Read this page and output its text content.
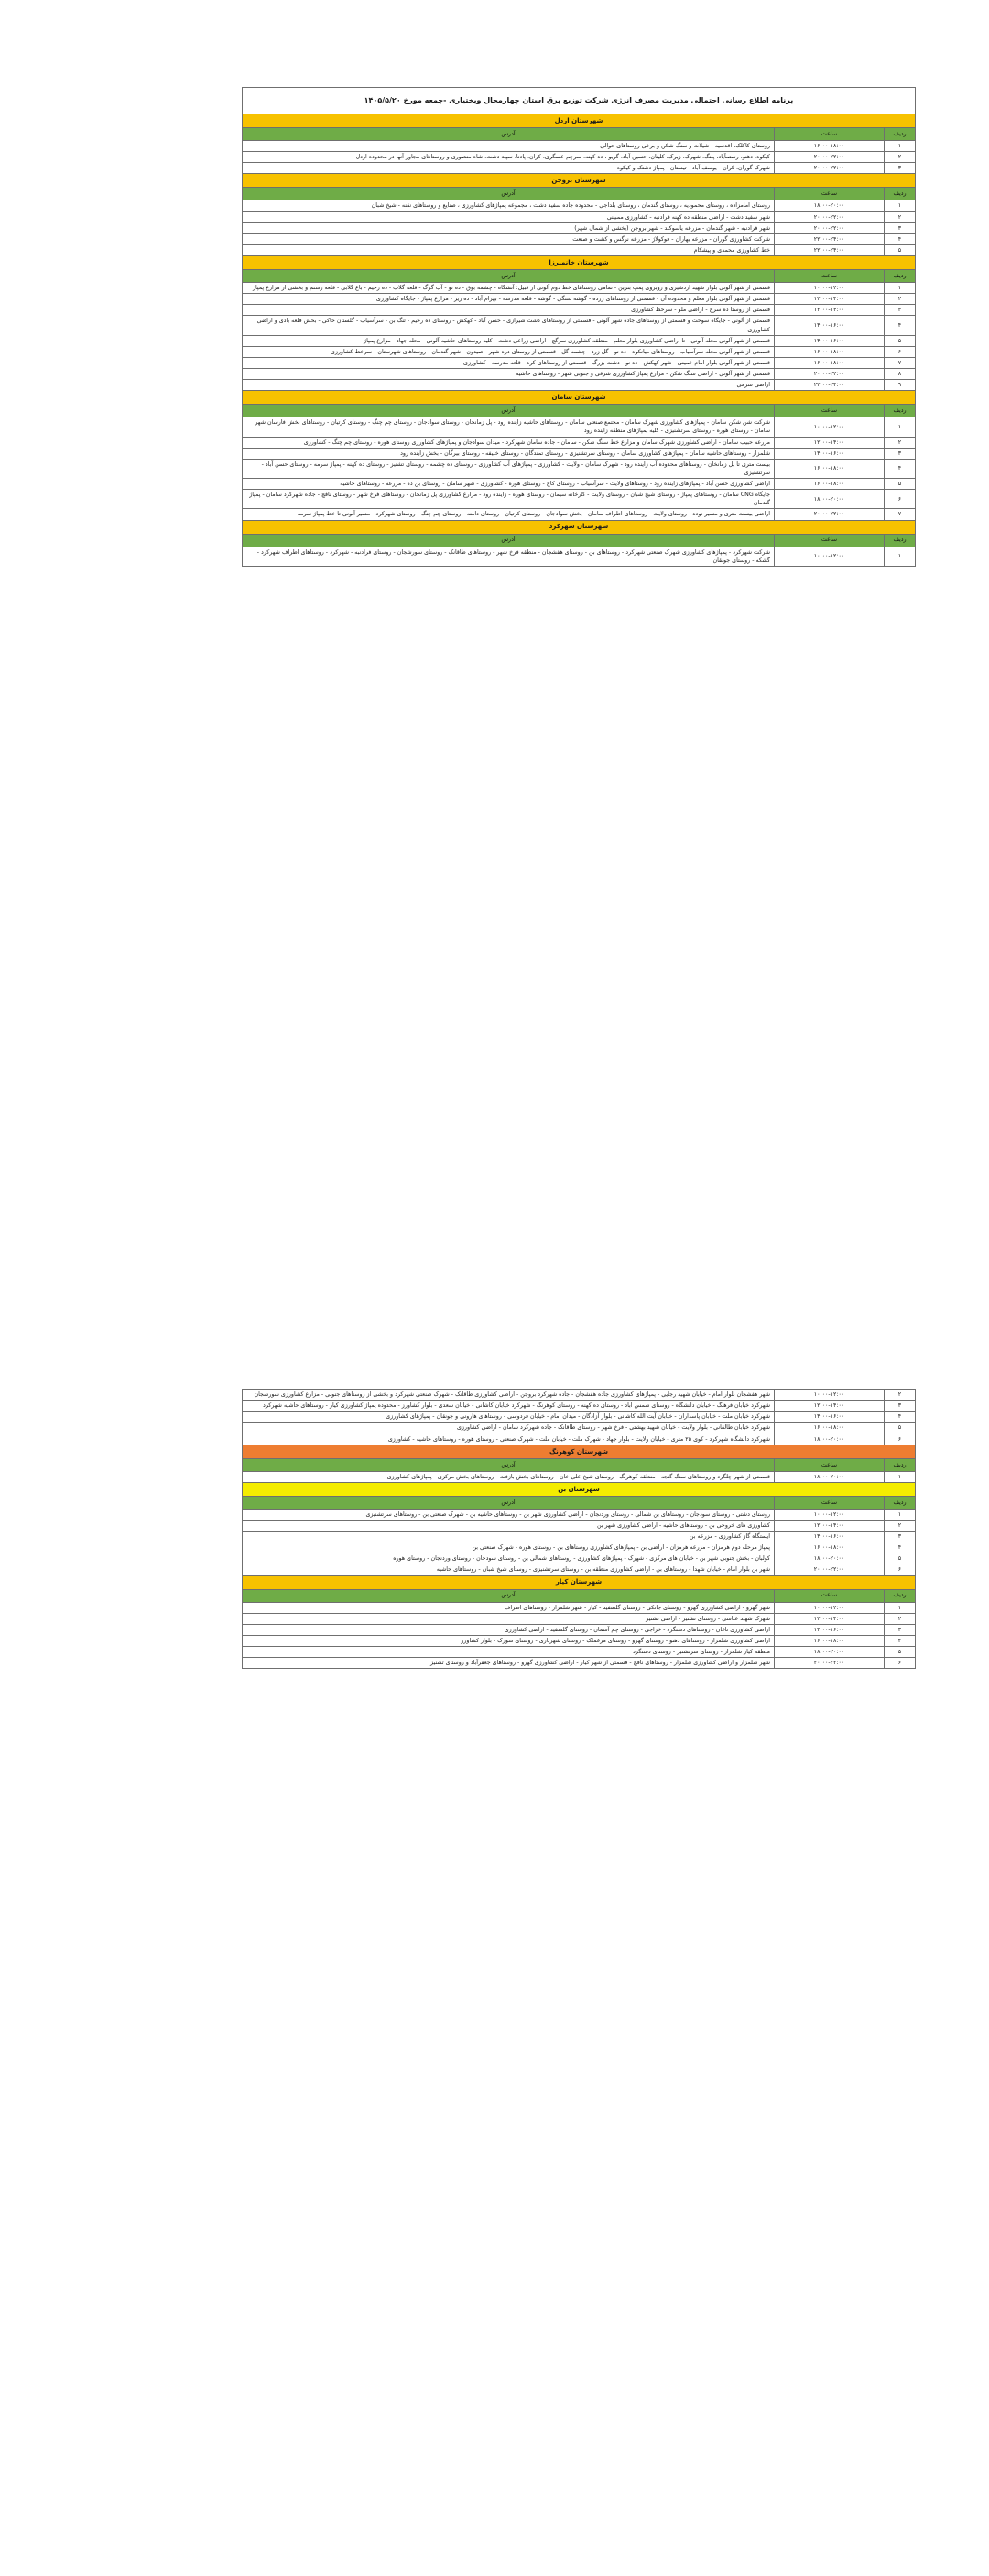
برنامه اطلاع رسانی احتمالی مدیریت مصرف انرژی شرکت توزیع برق استان چهارمحال وبختیاری -جمعه مورخ ۱۴۰۵/۵/۲۰		
شهرستان اردل		
ردیف	ساعت	آدرس
۱	۱۶:۰۰-۱۸:۰۰	روستای کاکلک، اقدسیه - شیلات و سنگ شکن و برخی روستاهای حوالی
۲	۲۰:۰۰-۲۲:۰۰	کیکوه، دهنو، رستمآباد، پلنگ، شهرک، زیرک، کلیتان، حسین آباد، گریو ، ده کهنه، سرچم عسگری، کران، پادنا، سپید دشت، شاه منصوری و روستاهای مجاور آنها در محدوده اردل
۳	۲۰:۰۰-۲۲:۰۰	شهرک گوران، کران - یوسف آباد - تیستان - پمپاژ دشتک و کیکوه
شهرستان بروجن		
ردیف	ساعت	آدرس
۱	۱۸:۰۰-۲۰:۰۰	روستای امامزاده ، روستای محمودیه ، روستای گندمان ، روستای بلداجی - محدوده جاده سفید دشت ، مجموعه پمپاژهای کشاورزی ، صنایع و روستاهای نقنه - شیخ شبان
۲	۲۰:۰۰-۲۲:۰۰	شهر سفید دشت - اراضی منطقه ده کهنه فرادنبه - کشاورزی ممبینی
۳	۲۰:۰۰-۲۲:۰۰	شهر فرادنبه - شهر گندمان - مزرعه یاسوکند - شهر بروجن (بخشی از شمال شهر)
۴	۲۲:۰۰-۲۴:۰۰	شرکت کشاورزی گوران - مزرعه بهاران - فوکولاژ - مزرعه نرگس و کشت و صنعت
۵	۲۲:۰۰-۲۴:۰۰	خط کشاورزی محمدی و پیشکام
شهرستان خانمیرزا		
ردیف	ساعت	آدرس
۱	۱۰:۰۰-۱۲:۰۰	قسمتی از شهر آلونی بلوار شهید اردشیری و روبروی پمپ بنزین - تمامی روستاهای خط دوم آلونی از قبیل: آتشگاه - چشمه بوق - ده نو - آب گرگ - قلعه گلاب - ده رحیم - باغ گلابی - قلعه رستم و بخشی از مزارع پمپاژ
۲	۱۲:۰۰-۱۴:۰۰	قسمتی از شهر آلونی بلوار معلم و محدوده آن - قسمتی از روستاهای زرده - گوشه سنگی - گوشه - قلعه مدرسه - بهرام آباد - ده زیر - مزارع پمپاژ - جایگاه کشاورزی
۳	۱۲:۰۰-۱۴:۰۰	قسمتی از روستا ده سرخ - اراضی ملو - سرخط کشاورزی
۴	۱۴:۰۰-۱۶:۰۰	قسمتی از آلونی - جایگاه سوخت و قسمتی از روستاهای جاده شهر آلونی - قسمتی از روستاهای دشت شیرازی - حسن آباد - کهکش - روستای ده رحیم - تنگ بن - سرآسیاب - گلستان خاکی - بخش قلعه بادی و اراضی کشاورزی
۵	۱۴:۰۰-۱۶:۰۰	قسمتی از شهر آلونی محله آلونی - تا اراضی کشاورزی بلوار معلم - منطقه کشاورزی سرگچ - اراضی زراعی دشت - کلیه روستاهای حاشیه آلونی - محله جهاد - مزارع پمپاژ
۶	۱۶:۰۰-۱۸:۰۰	قسمتی از شهر آلونی محله سرآسیاب - روستاهای میانکوه - ده نو - گل زرد - چشمه گل - قسمتی از روستای دره شهر - صیدون - شهر گندمان - روستاهای شهرستان - سرخط کشاورزی
۷	۱۶:۰۰-۱۸:۰۰	قسمتی از شهر آلونی بلوار امام خمینی - شهر کهکش - ده نو - دشت بزرگ - قسمتی از روستاهای کره - قلعه مدرسه - کشاورزی
۸	۲۰:۰۰-۲۲:۰۰	قسمتی از شهر آلونی - اراضی سنگ شکن - مزارع پمپاژ کشاورزی شرقی و جنوبی شهر - روستاهای حاشیه
۹	۲۲:۰۰-۲۴:۰۰	اراضی سرمی
شهرستان سامان		
ردیف	ساعت	آدرس
۱	۱۰:۰۰-۱۲:۰۰	شرکت شن شکن سامان - پمپاژهای کشاورزی شهرک سامان - مجتمع صنعتی سامان - روستاهای حاشیه زاینده رود - پل زمانخان - روستای سوادجان - روستای چم چنگ - روستای کرتیان - روستاهای بخش فارسان شهر سامان - روستای هوره - روستای سرتشنیزی - کلیه پمپاژهای منطقه زاینده رود
۲	۱۲:۰۰-۱۴:۰۰	مزرعه حبیب سامان - اراضی کشاورزی شهرک سامان و مزارع خط سنگ شکن - سامان - جاده سامان شهرکرد - میدان سوادجان و پمپاژهای کشاورزی روستای هوره - روستای چم چنگ - کشاورزی
۳	۱۴:۰۰-۱۶:۰۰	شلمزار - روستاهای حاشیه سامان - پمپاژهای کشاورزی سامان - روستای سرتشنیزی - روستای تمندگان - روستای خلیفه - روستای بیرگان - بخش زاینده رود
۴	۱۶:۰۰-۱۸:۰۰	بیست متری تا پل زمانخان - روستاهای محدوده آب زاینده رود - شهرک سامان - ولایت - کشاورزی - پمپاژهای آب کشاورزی - روستای ده چشمه - روستای تشنیز - روستای ده کهنه - پمپاژ سرمه - روستای حسن آباد - سرتشنیزی
۵	۱۶:۰۰-۱۸:۰۰	اراضی کشاورزی حسن آباد - پمپاژهای زاینده رود - روستاهای ولایت - سرآسیاب - روستای کاج - روستای هوره - کشاورزی - شهر سامان - روستای بن ده - مزرعه - روستاهای حاشیه
۶	۱۸:۰۰-۲۰:۰۰	جایگاه CNG سامان - روستاهای پمپاژ - روستای شیخ شبان - روستای ولایت - کارخانه سیمان - روستای هوره - زاینده رود - مزارع کشاورزی پل زمانخان - روستاهای فرخ شهر - روستای نافچ - جاده شهرکرد سامان - پمپاژ گندمان
۷	۲۰:۰۰-۲۲:۰۰	اراضی بیست متری و مسیر نوده - روستای ولایت - روستاهای اطراف سامان - بخش سوادجان - روستای کرتیان - روستای دامنه - روستای چم چنگ - روستای شهرکرد - مسیر آلونی تا خط پمپاژ سرمه
شهرستان شهرکرد		
ردیف	ساعت	آدرس
۱	۱۰:۰۰-۱۲:۰۰	شرکت شهرکرد - پمپاژهای کشاورزی شهرک صنعتی شهرکرد - روستاهای بن - روستای هفشجان - منطقه فرخ شهر - روستاهای طاقانک - روستای سورشجان - روستای فرادنبه - شهرکرد - روستاهای اطراف شهرکرد - گشکه - روستای جونقان
۲	۱۰:۰۰-۱۲:۰۰	شهر هفشجان بلوار امام - خیابان شهید رجایی - پمپاژهای کشاورزی جاده هفشجان - جاده شهرکرد بروجن - اراضی کشاورزی طاقانک - شهرک صنعتی شهرکرد و بخشی از روستاهای جنوبی - مزارع کشاورزی سورشجان
۳	۱۲:۰۰-۱۴:۰۰	شهرکرد خیابان فرهنگ - خیابان دانشگاه - روستای شمس آباد - روستای ده کهنه - روستای کوهرنگ - شهرکرد خیابان کاشانی - خیابان سعدی - بلوار کشاورز - محدوده پمپاژ کشاورزی کیار - روستاهای حاشیه شهرکرد
۴	۱۴:۰۰-۱۶:۰۰	شهرکرد خیابان ملت - خیابان پاسداران - خیابان آیت الله کاشانی - بلوار آزادگان - میدان امام - خیابان فردوسی - روستاهای هارونی و جونقان - پمپاژهای کشاورزی
۵	۱۶:۰۰-۱۸:۰۰	شهرکرد خیابان طالقانی - بلوار ولایت - خیابان شهید بهشتی - فرخ شهر - روستای طاقانک - جاده شهرکرد سامان - اراضی کشاورزی
۶	۱۸:۰۰-۲۰:۰۰	شهرکرد دانشگاه شهرکرد - کوی ۲۵ متری - خیابان ولایت - بلوار جهاد - شهرک ملت - خیابان ملت - شهرک صنعتی - روستای هوره - روستاهای حاشیه - کشاورزی
شهرستان کوهرنگ		
ردیف	ساعت	آدرس
۱	۱۸:۰۰-۲۰:۰۰	قسمتی از شهر چلگرد و روستاهای سنگ گنجه - منطقه کوهرنگ - روستای شیخ علی خان - روستاهای بخش بازفت - روستاهای بخش مرکزی - پمپاژهای کشاورزی
شهرستان بن		
ردیف	ساعت	آدرس
۱	۱۰:۰۰-۱۲:۰۰	روستای دشتی - روستای سودجان - روستاهای بن شمالی - روستای وردنجان - اراضی کشاورزی شهر بن - روستاهای حاشیه بن - شهرک صنعتی بن - روستاهای سرتشنیزی
۲	۱۲:۰۰-۱۴:۰۰	کشاورزی های خروجی بن - روستاهای حاشیه - اراضی کشاورزی شهر بن
۳	۱۴:۰۰-۱۶:۰۰	ایستگاه گاز کشاورزی - مزرعه بن
۴	۱۶:۰۰-۱۸:۰۰	پمپاژ مرحله دوم هرمزان - مزرعه هرمزان - اراضی بن - پمپاژهای کشاورزی روستاهای بن - روستای هوره - شهرک صنعتی بن
۵	۱۸:۰۰-۲۰:۰۰	کولبان - بخش جنوبی شهر بن - خیابان های مرکزی - شهرک - پمپاژهای کشاورزی - روستاهای شمالی بن - روستای سودجان - روستای وردنجان - روستای هوره
۶	۲۰:۰۰-۲۲:۰۰	شهر بن بلوار امام - خیابان شهدا - روستاهای بن - اراضی کشاورزی منطقه بن - روستای سرتشنیزی - روستای شیخ شبان - روستاهای حاشیه
شهرستان کیار		
ردیف	ساعت	آدرس
۱	۱۰:۰۰-۱۲:۰۰	شهر گهرو - اراضی کشاورزی گهرو - روستای جانکی - روستای گلسفید - کیار - شهر شلمزار - روستاهای اطراف
۲	۱۲:۰۰-۱۴:۰۰	شهرک شهید عباسی - روستای تشنیز - اراضی تشنیز
۳	۱۴:۰۰-۱۶:۰۰	اراضی کشاورزی ناغان - روستاهای دستگرد - خراجی - روستای چم آسمان - روستای گلسفید - اراضی کشاورزی
۴	۱۶:۰۰-۱۸:۰۰	اراضی کشاورزی شلمزار - روستاهای دهنو - روستای گهرو - روستای مرغملک - روستای شهریاری - روستای سورک - بلوار کشاورز
۵	۱۸:۰۰-۲۰:۰۰	منطقه کیار شلمزار - روستای سرتشنیز - روستای دستگرد
۶	۲۰:۰۰-۲۲:۰۰	شهر شلمزار و اراضی کشاورزی شلمزار - روستاهای نافچ - قسمتی از شهر کیار - اراضی کشاورزی گهرو - روستاهای جعفرآباد و روستای تشنیز
